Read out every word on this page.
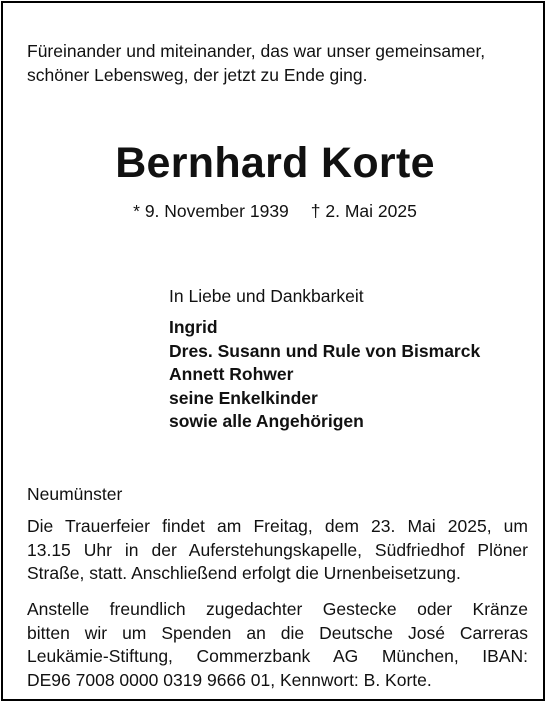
Füreinander und miteinander, das war unser gemeinsamer,
schöner Lebensweg, der jetzt zu Ende ging.
Bernhard Korte
* 9. November 1939 † 2. Mai 2025
In Liebe und Dankbarkeit
Ingrid
Dres. Susann und Rule von Bismarck
Annett Rohwer
seine Enkelkinder
sowie alle Angehörigen
Neumünster
Die Trauerfeier findet am Freitag, dem 23. Mai 2025, um
13.15 Uhr in der Auferstehungskapelle, Südfriedhof Plöner
Straße, statt. Anschließend erfolgt die Urnenbeisetzung.
Anstelle freundlich zugedachter Gestecke oder Kränze
bitten wir um Spenden an die Deutsche José Carreras
Leukämie-Stiftung, Commerzbank AG München, IBAN:
DE96 7008 0000 0319 9666 01, Kennwort: B. Korte.
